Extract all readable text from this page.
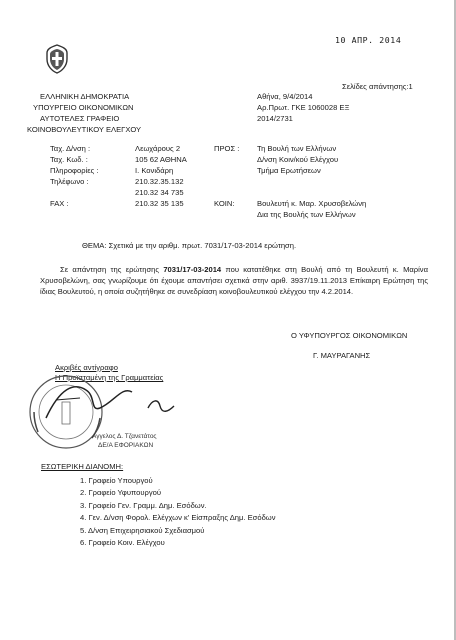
10 ΑΠΡ. 2014
Σελίδες απάντησης:1
ΕΛΛΗΝΙΚΗ ΔΗΜΟΚΡΑΤΙΑ
ΥΠΟΥΡΓΕΙΟ ΟΙΚΟΝΟΜΙΚΩΝ
ΑΥΤΟΤΕΛΕΣ ΓΡΑΦΕΙΟ
ΚΟΙΝΟΒΟΥΛΕΥΤΙΚΟΥ ΕΛΕΓΧΟΥ
Αθήνα, 9/4/2014
Αρ.Πρωτ. ΓΚΕ 1060028 ΕΞ
2014/2731
Ταχ. Δ/νση :	Λεωχάρους 2
Ταχ. Κωδ. :	105 62 ΑΘΗΝΑ
Πληροφορίες :	Ι. Κονιδάρη
Τηλέφωνο :	210.32.35.132
210.32 34 735
FAX :	210.32 35 135
ΠΡΟΣ : Τη Βουλή των Ελλήνων
Δ/νση Κοιν/κού Ελέγχου
Τμήμα Ερωτήσεων
ΚΟΙΝ:	Βουλευτή κ. Μαρ. Χρυσοβελώνη
Δια της Βουλής των Ελλήνων
ΘΕΜΑ: Σχετικά με την αριθμ. πρωτ. 7031/17-03-2014 ερώτηση.
Σε απάντηση της ερώτησης 7031/17-03-2014 που κατατέθηκε στη Βουλή από τη Βουλευτή κ. Μαρίνα Χρυσοβελώνη, σας γνωρίζουμε ότι έχουμε απαντήσει σχετικά στην αριθ. 3937/19.11.2013 Επίκαιρη Ερώτηση της ίδιας Βουλευτού, η οποία συζητήθηκε σε συνεδρίαση κοινοβουλευτικού ελέγχου την 4.2.2014.
Ο ΥΦΥΠΟΥΡΓΟΣ ΟΙΚΟΝΟΜΙΚΩΝ
Γ. ΜΑΥΡΑΓΑΝΗΣ
Ακριβές αντίγραφο
Η Προϊσταμένη της Γραμματείας
Αγγελος Δ. Τζανετάτος
ΔΕ/Α ΕΦΟΡΙΑΚΩΝ
ΕΣΩΤΕΡΙΚΗ ΔΙΑΝΟΜΗ:
1. Γραφείο Υπουργού
2. Γραφείο Υφυπουργού
3. Γραφείο Γεν. Γραμμ. Δημ. Εσόδων.
4. Γεν. Δ/νση Φορολ. Ελέγχων κ' Είσπραξης Δημ. Εσόδων
5. Δ/νση Επιχειρησιακού Σχεδιασμού
6. Γραφείο Κοιν. Ελέγχου
